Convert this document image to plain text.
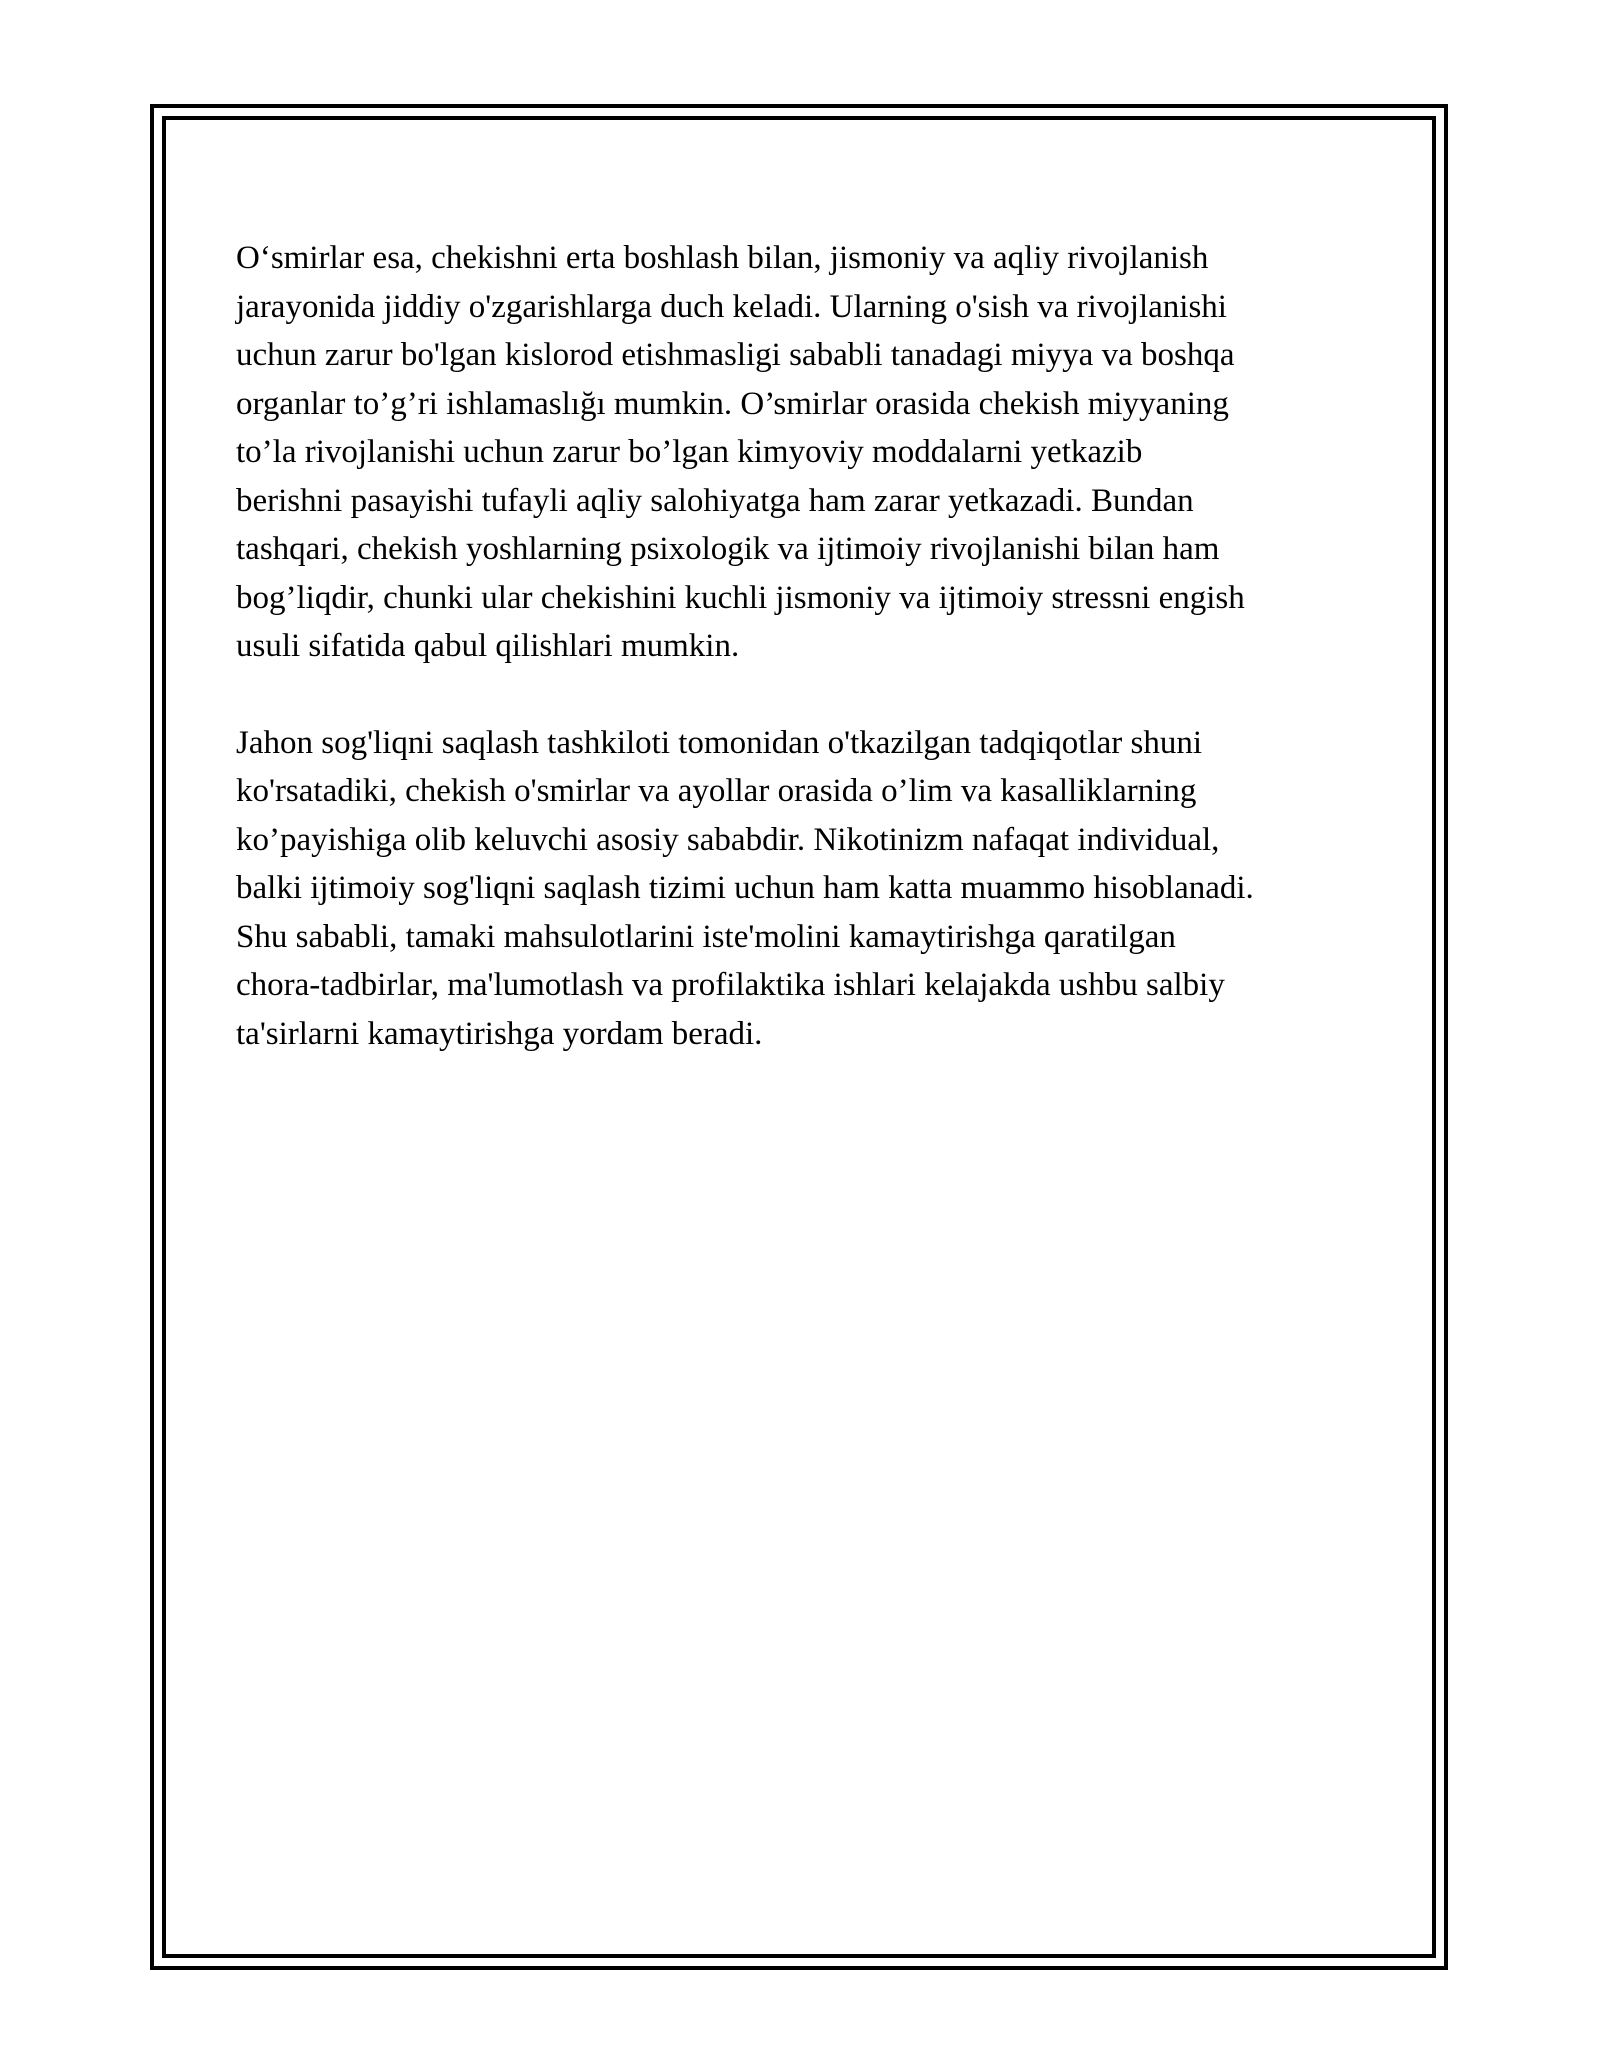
O‘smirlar esa, chekishni erta boshlash bilan, jismoniy va aqliy rivojlanish
jarayonida jiddiy o'zgarishlarga duch keladi. Ularning o'sish va rivojlanishi
uchun zarur bo'lgan kislorod etishmasligi sababli tanadagi miyya va boshqa
organlar to’g’ri ishlamaslığı mumkin. O’smirlar orasida chekish miyyaning
to’la rivojlanishi uchun zarur bo’lgan kimyoviy moddalarni yetkazib
berishni pasayishi tufayli aqliy salohiyatga ham zarar yetkazadi. Bundan
tashqari, chekish yoshlarning psixologik va ijtimoiy rivojlanishi bilan ham
bog’liqdir, chunki ular chekishini kuchli jismoniy va ijtimoiy stressni engish
usuli sifatida qabul qilishlari mumkin.

Jahon sog'liqni saqlash tashkiloti tomonidan o'tkazilgan tadqiqotlar shuni
ko'rsatadiki, chekish o'smirlar va ayollar orasida o’lim va kasalliklarning
ko’payishiga olib keluvchi asosiy sababdir. Nikotinizm nafaqat individual,
balki ijtimoiy sog'liqni saqlash tizimi uchun ham katta muammo hisoblanadi.
Shu sababli, tamaki mahsulotlarini iste'molini kamaytirishga qaratilgan
chora-tadbirlar, ma'lumotlash va profilaktika ishlari kelajakda ushbu salbiy
ta'sirlarni kamaytirishga yordam beradi.
